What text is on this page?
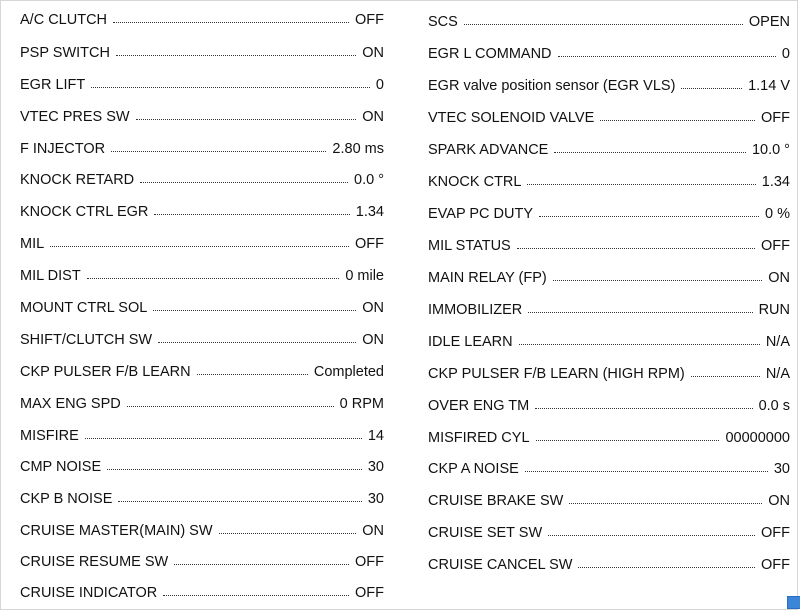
A/C CLUTCH	OFF
PSP SWITCH	ON
EGR LIFT	0
VTEC PRES SW	ON
F INJECTOR	2.80 ms
KNOCK RETARD	0.0 °
KNOCK CTRL EGR	1.34
MIL	OFF
MIL DIST	0 mile
MOUNT CTRL SOL	ON
SHIFT/CLUTCH SW	ON
CKP PULSER F/B LEARN	Completed
MAX ENG SPD	0 RPM
MISFIRE	14
CMP NOISE	30
CKP B NOISE	30
CRUISE MASTER(MAIN) SW	ON
CRUISE RESUME SW	OFF
CRUISE INDICATOR	OFF
SCS	OPEN
EGR L COMMAND	0
EGR valve position sensor (EGR VLS)	1.14 V
VTEC SOLENOID VALVE	OFF
SPARK ADVANCE	10.0 °
KNOCK CTRL	1.34
EVAP PC DUTY	0 %
MIL STATUS	OFF
MAIN RELAY (FP)	ON
IMMOBILIZER	RUN
IDLE LEARN	N/A
CKP PULSER F/B LEARN (HIGH RPM)	N/A
OVER ENG TM	0.0 s
MISFIRED CYL	00000000
CKP A NOISE	30
CRUISE BRAKE SW	ON
CRUISE SET SW	OFF
CRUISE CANCEL SW	OFF
